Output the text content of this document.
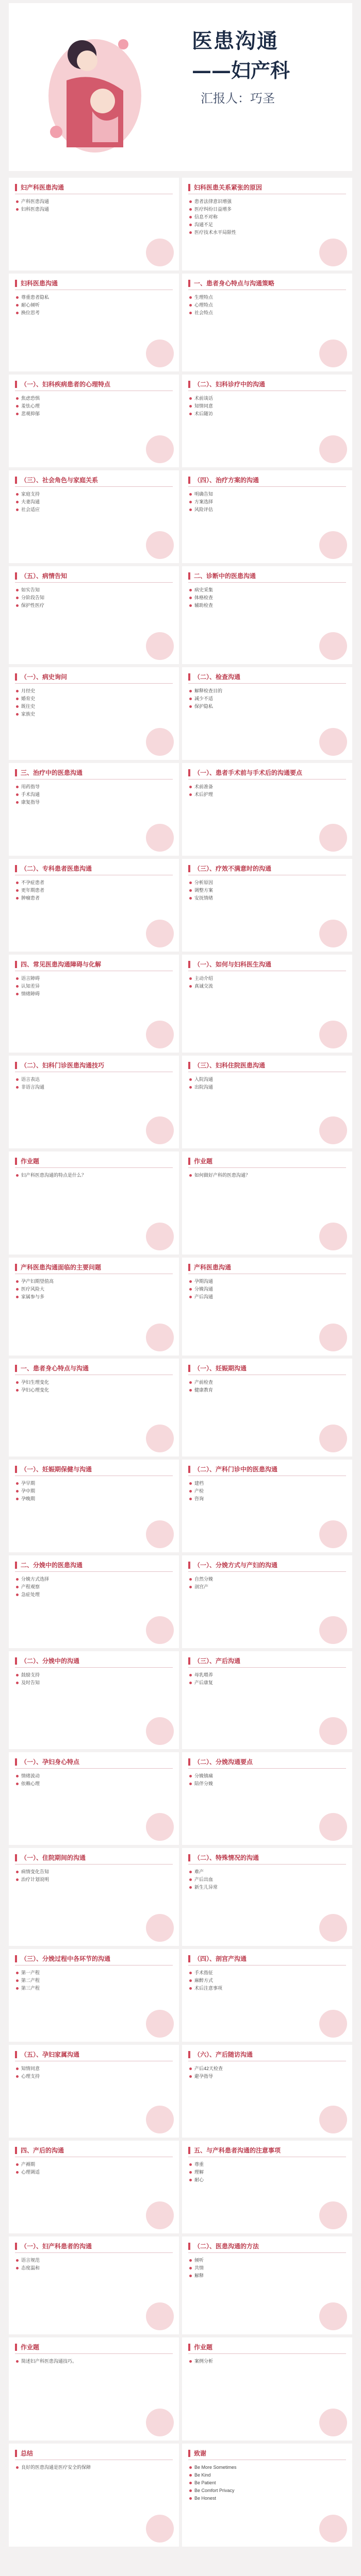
医患沟通
——妇产科
汇报人：巧圣
妇产科医患沟通
产科医患沟通
妇科医患沟通
妇科医患关系紧张的原因
患者法律意识增强
医疗纠纷日益增多
信息不对称
沟通不足
医疗技术水平局限性
妇科医患沟通
尊重患者隐私
耐心倾听
换位思考
一、患者身心特点与沟通策略
生理特点
心理特点
社会特点
（一）、妇科疾病患者的心理特点
焦虑恐惧
羞怯心理
悲观抑郁
（二）、妇科诊疗中的沟通
术前谈话
知情同意
术后随访
（三）、社会角色与家庭关系
家庭支持
夫妻沟通
社会适应
（四）、治疗方案的沟通
明确告知
方案选择
风险评估
（五）、病情告知
如实告知
分阶段告知
保护性医疗
二、诊断中的医患沟通
病史采集
体格检查
辅助检查
（一）、病史询问
月经史
婚育史
既往史
家族史
（二）、检查沟通
解释检查目的
减少不适
保护隐私
三、治疗中的医患沟通
用药指导
手术沟通
康复指导
（一）、患者手术前与手术后的沟通要点
术前准备
术后护理
（二）、专科患者医患沟通
不孕症患者
更年期患者
肿瘤患者
（三）、疗效不满意时的沟通
分析原因
调整方案
安抚情绪
四、常见医患沟通障碍与化解
语言障碍
认知差异
情绪障碍
（一）、如何与妇科医生沟通
主动介绍
真诚交流
（二）、妇科门诊医患沟通技巧
语言表达
非语言沟通
（三）、妇科住院医患沟通
入院沟通
出院沟通
作业题
妇产科医患沟通的特点是什么？
作业题
如何做好产科的医患沟通？
产科医患沟通面临的主要问题
孕产妇期望值高
医疗风险大
家属参与多
产科医患沟通
孕期沟通
分娩沟通
产后沟通
一、患者身心特点与沟通
孕妇生理变化
孕妇心理变化
（一）、妊娠期沟通
产前检查
健康教育
（一）、妊娠期保健与沟通
孕早期
孕中期
孕晚期
（二）、产科门诊中的医患沟通
建档
产检
咨询
二、分娩中的医患沟通
分娩方式选择
产程观察
急症处理
（一）、分娩方式与产妇的沟通
自然分娩
剖宫产
（二）、分娩中的沟通
鼓励支持
及时告知
（三）、产后沟通
母乳喂养
产后康复
（一）、孕妇身心特点
情绪波动
依赖心理
（二）、分娩沟通要点
分娩镇痛
陪伴分娩
（一）、住院期间的沟通
病情变化告知
治疗计划说明
（二）、特殊情况的沟通
难产
产后出血
新生儿异常
（三）、分娩过程中各环节的沟通
第一产程
第二产程
第三产程
（四）、剖宫产沟通
手术指征
麻醉方式
术后注意事项
（五）、孕妇家属沟通
知情同意
心理支持
（六）、产后随访沟通
产后42天检查
避孕指导
四、产后的沟通
产褥期
心理调适
五、与产科患者沟通的注意事项
尊重
理解
耐心
（一）、妇产科患者的沟通
语言规范
态度温和
（二）、医患沟通的方法
倾听
共情
解释
作业题
简述妇产科医患沟通技巧。
作业题
案例分析
总结
良好的医患沟通是医疗安全的保障
致谢
Be More Sometimes
Be Kind
Be Patient
Be Comfort Privacy
Be Honest
